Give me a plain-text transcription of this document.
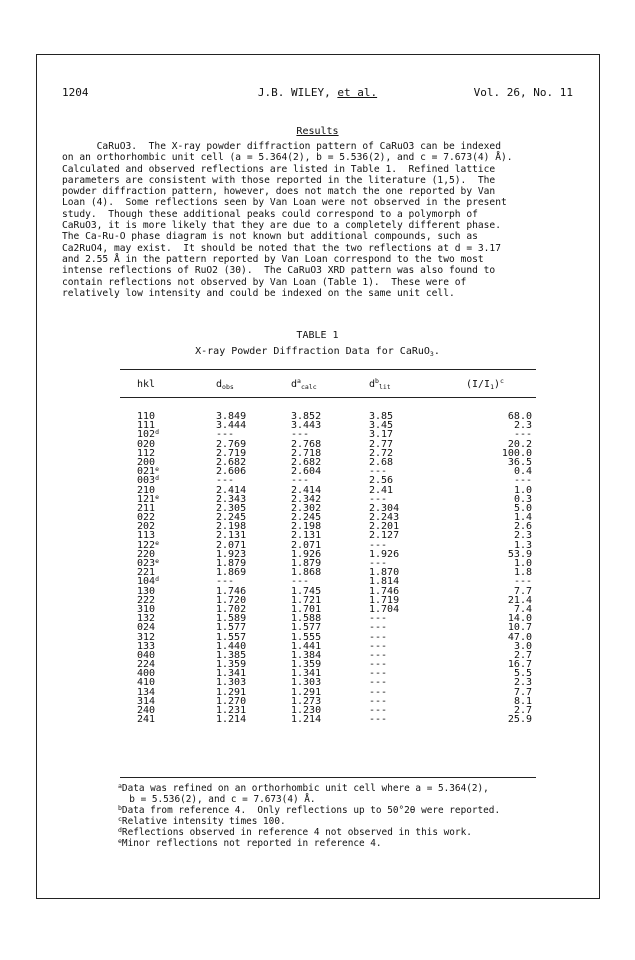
1204	J.B. WILEY, et al.	Vol. 26, No. 11
Results
CaRuO3.  The X-ray powder diffraction pattern of CaRuO3 can be indexed
on an orthorhombic unit cell (a = 5.364(2), b = 5.536(2), and c = 7.673(4) Å).
Calculated and observed reflections are listed in Table 1.  Refined lattice
parameters are consistent with those reported in the literature (1,5).  The
powder diffraction pattern, however, does not match the one reported by Van
Loan (4).  Some reflections seen by Van Loan were not observed in the present
study.  Though these additional peaks could correspond to a polymorph of
CaRuO3, it is more likely that they are due to a completely different phase.
The Ca-Ru-O phase diagram is not known but additional compounds, such as
Ca2RuO4, may exist.  It should be noted that the two reflections at d = 3.17
and 2.55 Å in the pattern reported by Van Loan correspond to the two most
intense reflections of RuO2 (30).  The CaRuO3 XRD pattern was also found to
contain reflections not observed by Van Loan (Table 1).  These were of
relatively low intensity and could be indexed on the same unit cell.
TABLE 1
X-ray Powder Diffraction Data for CaRuO$_3$.
hkl	$d_{obs}$	$d^a_{calc}$	$d^b_{lit}$	$(I/I_1)^c$
110	3.849	3.852	3.85	68.0
111	3.444	3.443	3.45	2.3
102$^d$	---	---	3.17	---
020	2.769	2.768	2.77	20.2
112	2.719	2.718	2.72	100.0
200	2.682	2.682	2.68	36.5
021e	2.606	2.604	---	0.4
003$^d$	---	---	2.56	---
210	2.414	2.414	2.41	1.0
121e	2.343	2.342	---	0.3
211	2.305	2.302	2.304	5.0
022	2.245	2.245	2.243	1.4
202	2.198	2.198	2.201	2.6
113	2.131	2.131	2.127	2.3
122e	2.071	2.071	---	1.3
220	1.923	1.926	1.926	53.9
023e	1.879	1.879	---	1.0
221	1.869	1.868	1.870	1.8
104$^d$	---	---	1.814	---
130	1.746	1.745	1.746	7.7
222	1.720	1.721	1.719	21.4
310	1.702	1.701	1.704	7.4
132	1.589	1.588	---	14.0
024	1.577	1.577	---	10.7
312	1.557	1.555	---	47.0
133	1.440	1.441	---	3.0
040	1.385	1.384	---	2.7
224	1.359	1.359	---	16.7
400	1.341	1.341	---	5.5
410	1.303	1.303	---	2.3
134	1.291	1.291	---	7.7
314	1.270	1.273	---	8.1
240	1.231	1.230	---	2.7
241	1.214	1.214	---	25.9
$^a$Data was refined on an orthorhombic unit cell where a = 5.364(2),
b = 5.536(2), and c = 7.673(4) Å.
$^b$Data from reference 4.  Only reflections up to 50°2θ were reported.
$^c$Relative intensity times 100.
$^d$Reflections observed in reference 4 not observed in this work.
$^e$Minor reflections not reported in reference 4.
